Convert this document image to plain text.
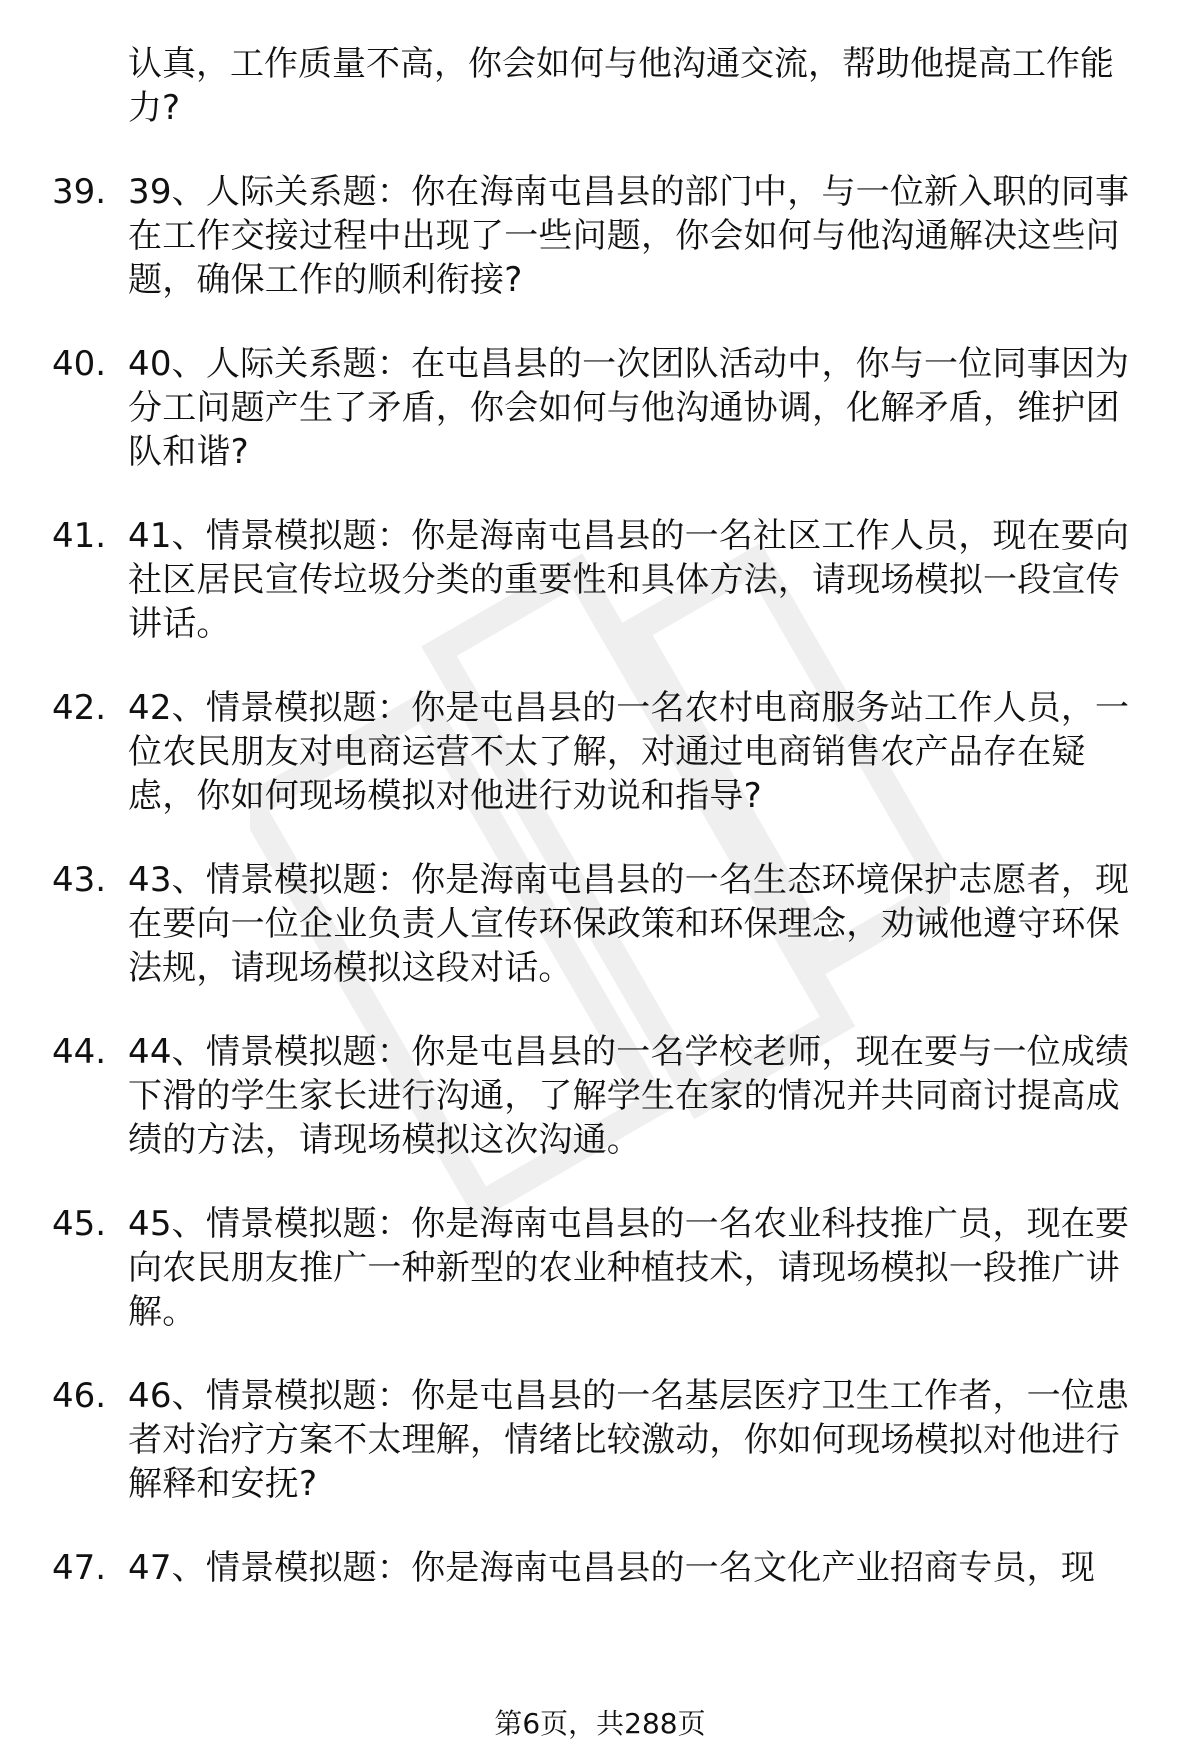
认真，工作质量不高，你会如何与他沟通交流，帮助他提高工作能力?
39. 39、人际关系题：你在海南屯昌县的部门中，与一位新入职的同事在工作交接过程中出现了一些问题，你会如何与他沟通解决这些问题，确保工作的顺利衔接?
40. 40、人际关系题：在屯昌县的一次团队活动中，你与一位同事因为分工问题产生了矛盾，你会如何与他沟通协调，化解矛盾，维护团队和谐?
41. 41、情景模拟题：你是海南屯昌县的一名社区工作人员，现在要向社区居民宣传垃圾分类的重要性和具体方法，请现场模拟一段宣传讲话。
42. 42、情景模拟题：你是屯昌县的一名农村电商服务站工作人员，一位农民朋友对电商运营不太了解，对通过电商销售农产品存在疑虑，你如何现场模拟对他进行劝说和指导?
43. 43、情景模拟题：你是海南屯昌县的一名生态环境保护志愿者，现在要向一位企业负责人宣传环保政策和环保理念，劝诫他遵守环保法规，请现场模拟这段对话。
44. 44、情景模拟题：你是屯昌县的一名学校老师，现在要与一位成绩下滑的学生家长进行沟通，了解学生在家的情况并共同商讨提高成绩的方法，请现场模拟这次沟通。
45. 45、情景模拟题：你是海南屯昌县的一名农业科技推广员，现在要向农民朋友推广一种新型的农业种植技术，请现场模拟一段推广讲解。
46. 46、情景模拟题：你是屯昌县的一名基层医疗卫生工作者，一位患者对治疗方案不太理解，情绪比较激动，你如何现场模拟对他进行解释和安抚?
47. 47、情景模拟题：你是海南屯昌县的一名文化产业招商专员，现
第6页，共288页
